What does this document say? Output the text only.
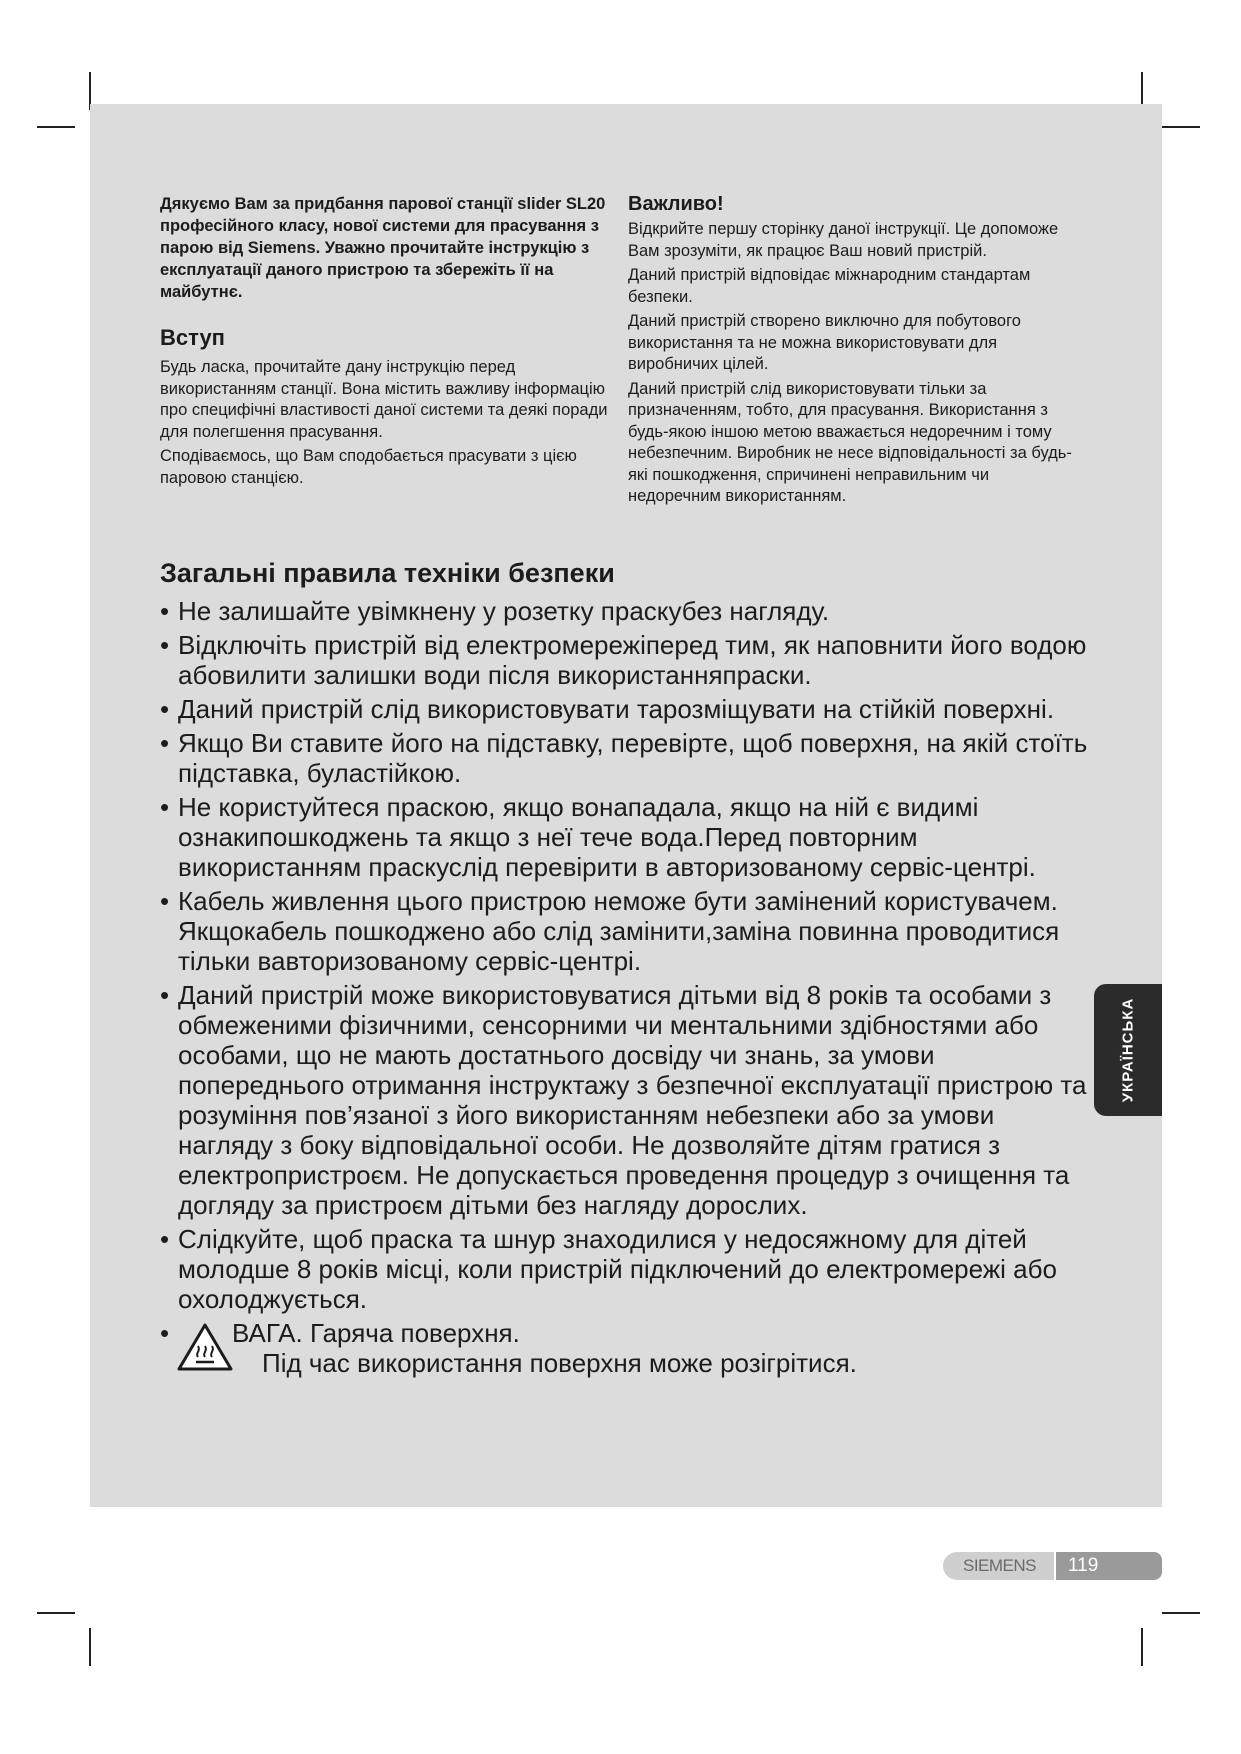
Дякуємо Вам за придбання парової станції slider SL20 професійного класу, нової системи для прасування з парою від Siemens. Уважно прочитайте інструкцію з експлуатації даного пристрою та збережіть її на майбутнє.

Вступ

Будь ласка, прочитайте дану інструкцію перед використанням станції. Вона містить важливу інформацію про специфічні властивості даної системи та деякі поради для полегшення прасування.

Сподіваємось, що Вам сподобається прасувати з цією паровою станцією.

Важливо!

Відкрийте першу сторінку даної інструкції. Це допоможе Вам зрозуміти, як працює Ваш новий пристрій.

Даний пристрій відповідає міжнародним стандартам безпеки.

Даний пристрій створено виключно для побутового використання та не можна використовувати для виробничих цілей.

Даний пристрій слід використовувати тільки за призначенням, тобто, для прасування. Використання з будь-якою іншою метою вважається недоречним і тому небезпечним. Виробник не несе відповідальності за будь-які пошкодження, спричинені неправильним чи недоречним використанням.

Загальні правила техніки безпеки
• Не залишайте увімкнену у розетку праскубез нагляду.
• Відключіть пристрій від електромережіперед тим, як наповнити його водою абовилити залишки води після використанняпраски.
• Даний пристрій слід використовувати тарозміщувати на стійкій поверхні.
• Якщо Ви ставите його на підставку, перевірте, щоб поверхня, на якій стоїть підставка, буластійкою.
• Не користуйтеся праскою, якщо вонападала, якщо на ній є видимі ознакипошкоджень та якщо з неї тече вода.Перед повторним використанням праскуслід перевірити в авторизованому сервіс-центрі.
• Кабель живлення цього пристрою неможе бути замінений користувачем. Якщокабель пошкоджено або слід замінити,заміна повинна проводитися тільки вавторизованому сервіс-центрі.
• Даний пристрій може використовуватися дітьми від 8 років та особами з обмеженими фізичними, сенсорними чи ментальними здібностями або особами, що не мають достатнього досвіду чи знань, за умови попереднього отримання інструктажу з безпечної експлуатації пристрою та розуміння пов’язаної з його використанням небезпеки або за умови нагляду з боку відповідальної особи. Не дозволяйте дітям гратися з електропристроєм. Не допускається проведення процедур з очищення та догляду за пристроєм дітьми без нагляду дорослих.
• Слідкуйте, щоб праска та шнур знаходилися у недосяжному для дітей молодше 8 років місці, коли пристрій підключений до електромережі або охолоджується.
•	ВАГА. Гаряча поверхня.
Під час використання поверхня може розігрітися.
УКРАЇНСЬКА
SIEMENS	119
